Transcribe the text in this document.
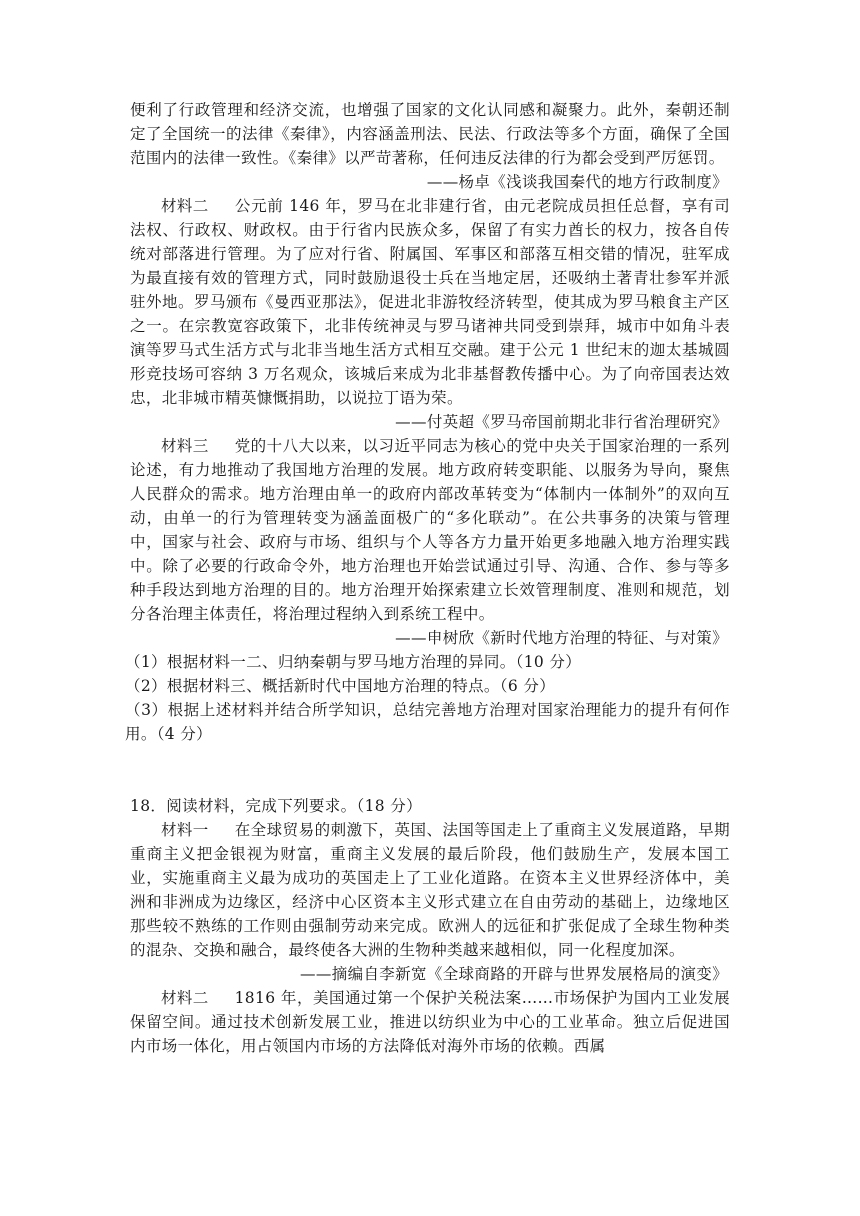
便利了行政管理和经济交流，也增强了国家的文化认同感和凝聚力。此外，秦朝还制定了全国统一的法律《秦律》，内容涵盖刑法、民法、行政法等多个方面，确保了全国范围内的法律一致性。《秦律》以严苛著称，任何违反法律的行为都会受到严厉惩罚。

——杨卓《浅谈我国秦代的地方行政制度》

材料二 公元前 146 年，罗马在北非建行省，由元老院成员担任总督，享有司法权、行政权、财政权。由于行省内民族众多，保留了有实力酋长的权力，按各自传统对部落进行管理。为了应对行省、附属国、军事区和部落互相交错的情况，驻军成为最直接有效的管理方式，同时鼓励退役士兵在当地定居，还吸纳土著青壮参军并派驻外地。罗马颁布《曼西亚那法》，促进北非游牧经济转型，使其成为罗马粮食主产区之一。在宗教宽容政策下，北非传统神灵与罗马诸神共同受到崇拜，城市中如角斗表演等罗马式生活方式与北非当地生活方式相互交融。建于公元 1 世纪末的迦太基城圆形竞技场可容纳 3 万名观众，该城后来成为北非基督教传播中心。为了向帝国表达效忠，北非城市精英慷慨捐助，以说拉丁语为荣。

——付英超《罗马帝国前期北非行省治理研究》

材料三 党的十八大以来，以习近平同志为核心的党中央关于国家治理的一系列论述，有力地推动了我国地方治理的发展。地方政府转变职能、以服务为导向，聚焦人民群众的需求。地方治理由单一的政府内部改革转变为“体制内一体制外”的双向互动，由单一的行为管理转变为涵盖面极广的“多化联动”。在公共事务的决策与管理中，国家与社会、政府与市场、组织与个人等各方力量开始更多地融入地方治理实践中。除了必要的行政命令外，地方治理也开始尝试通过引导、沟通、合作、参与等多种手段达到地方治理的目的。地方治理开始探索建立长效管理制度、准则和规范，划分各治理主体责任，将治理过程纳入到系统工程中。

——申树欣《新时代地方治理的特征、与对策》

（1）根据材料一二、归纳秦朝与罗马地方治理的异同。（10 分）

（2）根据材料三、概括新时代中国地方治理的特点。（6 分）

（3）根据上述材料并结合所学知识，总结完善地方治理对国家治理能力的提升有何作用。（4 分）

18．阅读材料，完成下列要求。（18 分）

材料一 在全球贸易的刺激下，英国、法国等国走上了重商主义发展道路，早期重商主义把金银视为财富，重商主义发展的最后阶段，他们鼓励生产，发展本国工业，实施重商主义最为成功的英国走上了工业化道路。在资本主义世界经济体中，美洲和非洲成为边缘区，经济中心区资本主义形式建立在自由劳动的基础上，边缘地区那些较不熟练的工作则由强制劳动来完成。欧洲人的远征和扩张促成了全球生物种类的混杂、交换和融合，最终使各大洲的生物种类越来越相似，同一化程度加深。

——摘编自李新宽《全球商路的开辟与世界发展格局的演变》

材料二 1816 年，美国通过第一个保护关税法案……市场保护为国内工业发展保留空间。通过技术创新发展工业，推进以纺织业为中心的工业革命。独立后促进国内市场一体化，用占领国内市场的方法降低对海外市场的依赖。西属
